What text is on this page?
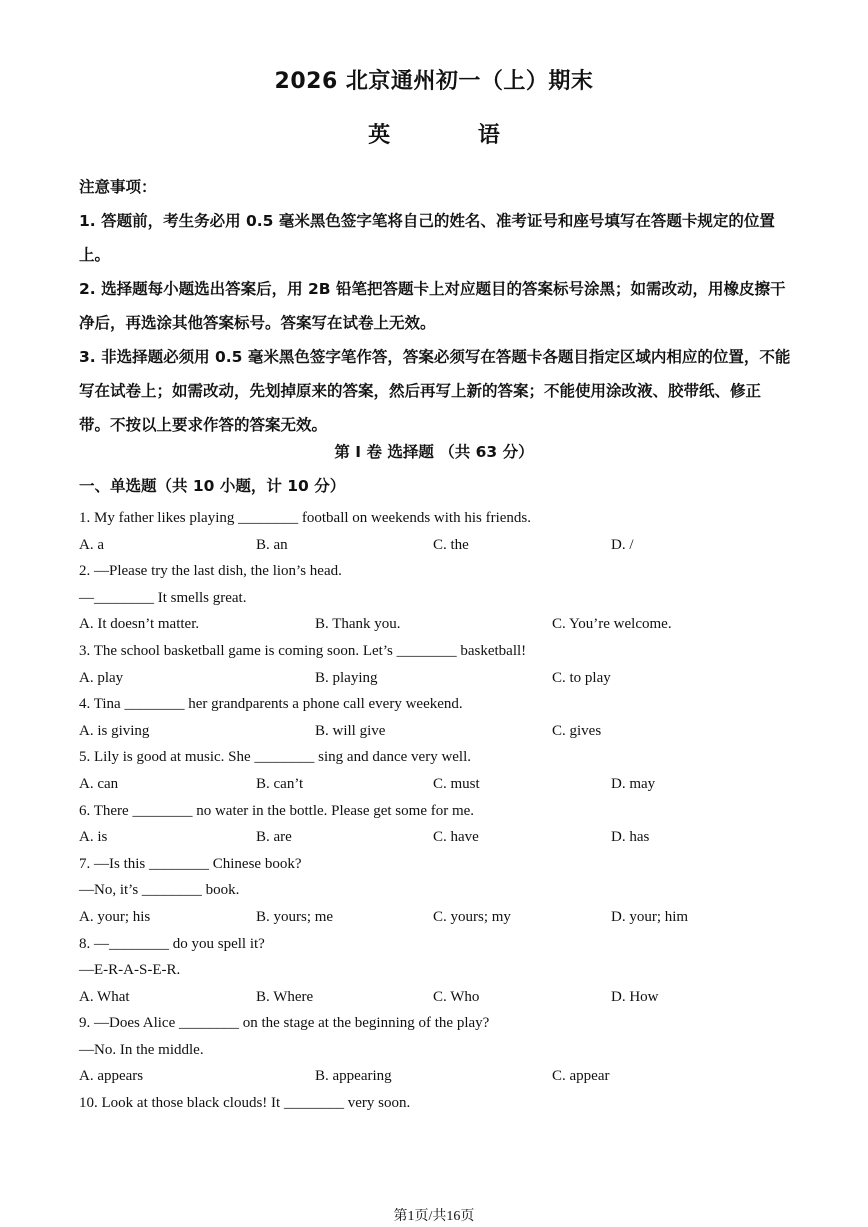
2026 北京通州初一（上）期末
英 语

注意事项：

1. 答题前，考生务必用 0.5 毫米黑色签字笔将自己的姓名、准考证号和座号填写在答题卡规定的位置上。

2. 选择题每小题选出答案后，用 2B 铅笔把答题卡上对应题目的答案标号涂黑；如需改动，用橡皮擦干净后，再选涂其他答案标号。答案写在试卷上无效。

3. 非选择题必须用 0.5 毫米黑色签字笔作答，答案必须写在答题卡各题目指定区域内相应的位置，不能写在试卷上；如需改动，先划掉原来的答案，然后再写上新的答案；不能使用涂改液、胶带纸、修正带。不按以上要求作答的答案无效。

第 I 卷 选择题 （共 63 分）
一、单选题（共 10 小题，计 10 分）
1. My father likes playing ________ football on weekends with his friends.
A. a	B. an	C. the	D. /
2. —Please try the last dish, the lion’s head.
—________ It smells great.
A. It doesn’t matter.	B. Thank you.	C. You’re welcome.
3. The school basketball game is coming soon. Let’s ________ basketball!
A. play	B. playing	C. to play
4. Tina ________ her grandparents a phone call every weekend.
A. is giving	B. will give	C. gives
5. Lily is good at music. She ________ sing and dance very well.
A. can	B. can’t	C. must	D. may
6. There ________ no water in the bottle. Please get some for me.
A. is	B. are	C. have	D. has
7. —Is this ________ Chinese book?
—No, it’s ________ book.
A. your; his	B. yours; me	C. yours; my	D. your; him
8. —________ do you spell it?
—E-R-A-S-E-R.
A. What	B. Where	C. Who	D. How
9. —Does Alice ________ on the stage at the beginning of the play?
—No. In the middle.
A. appears	B. appearing	C. appear
10. Look at those black clouds! It ________ very soon.
第1页/共16页
